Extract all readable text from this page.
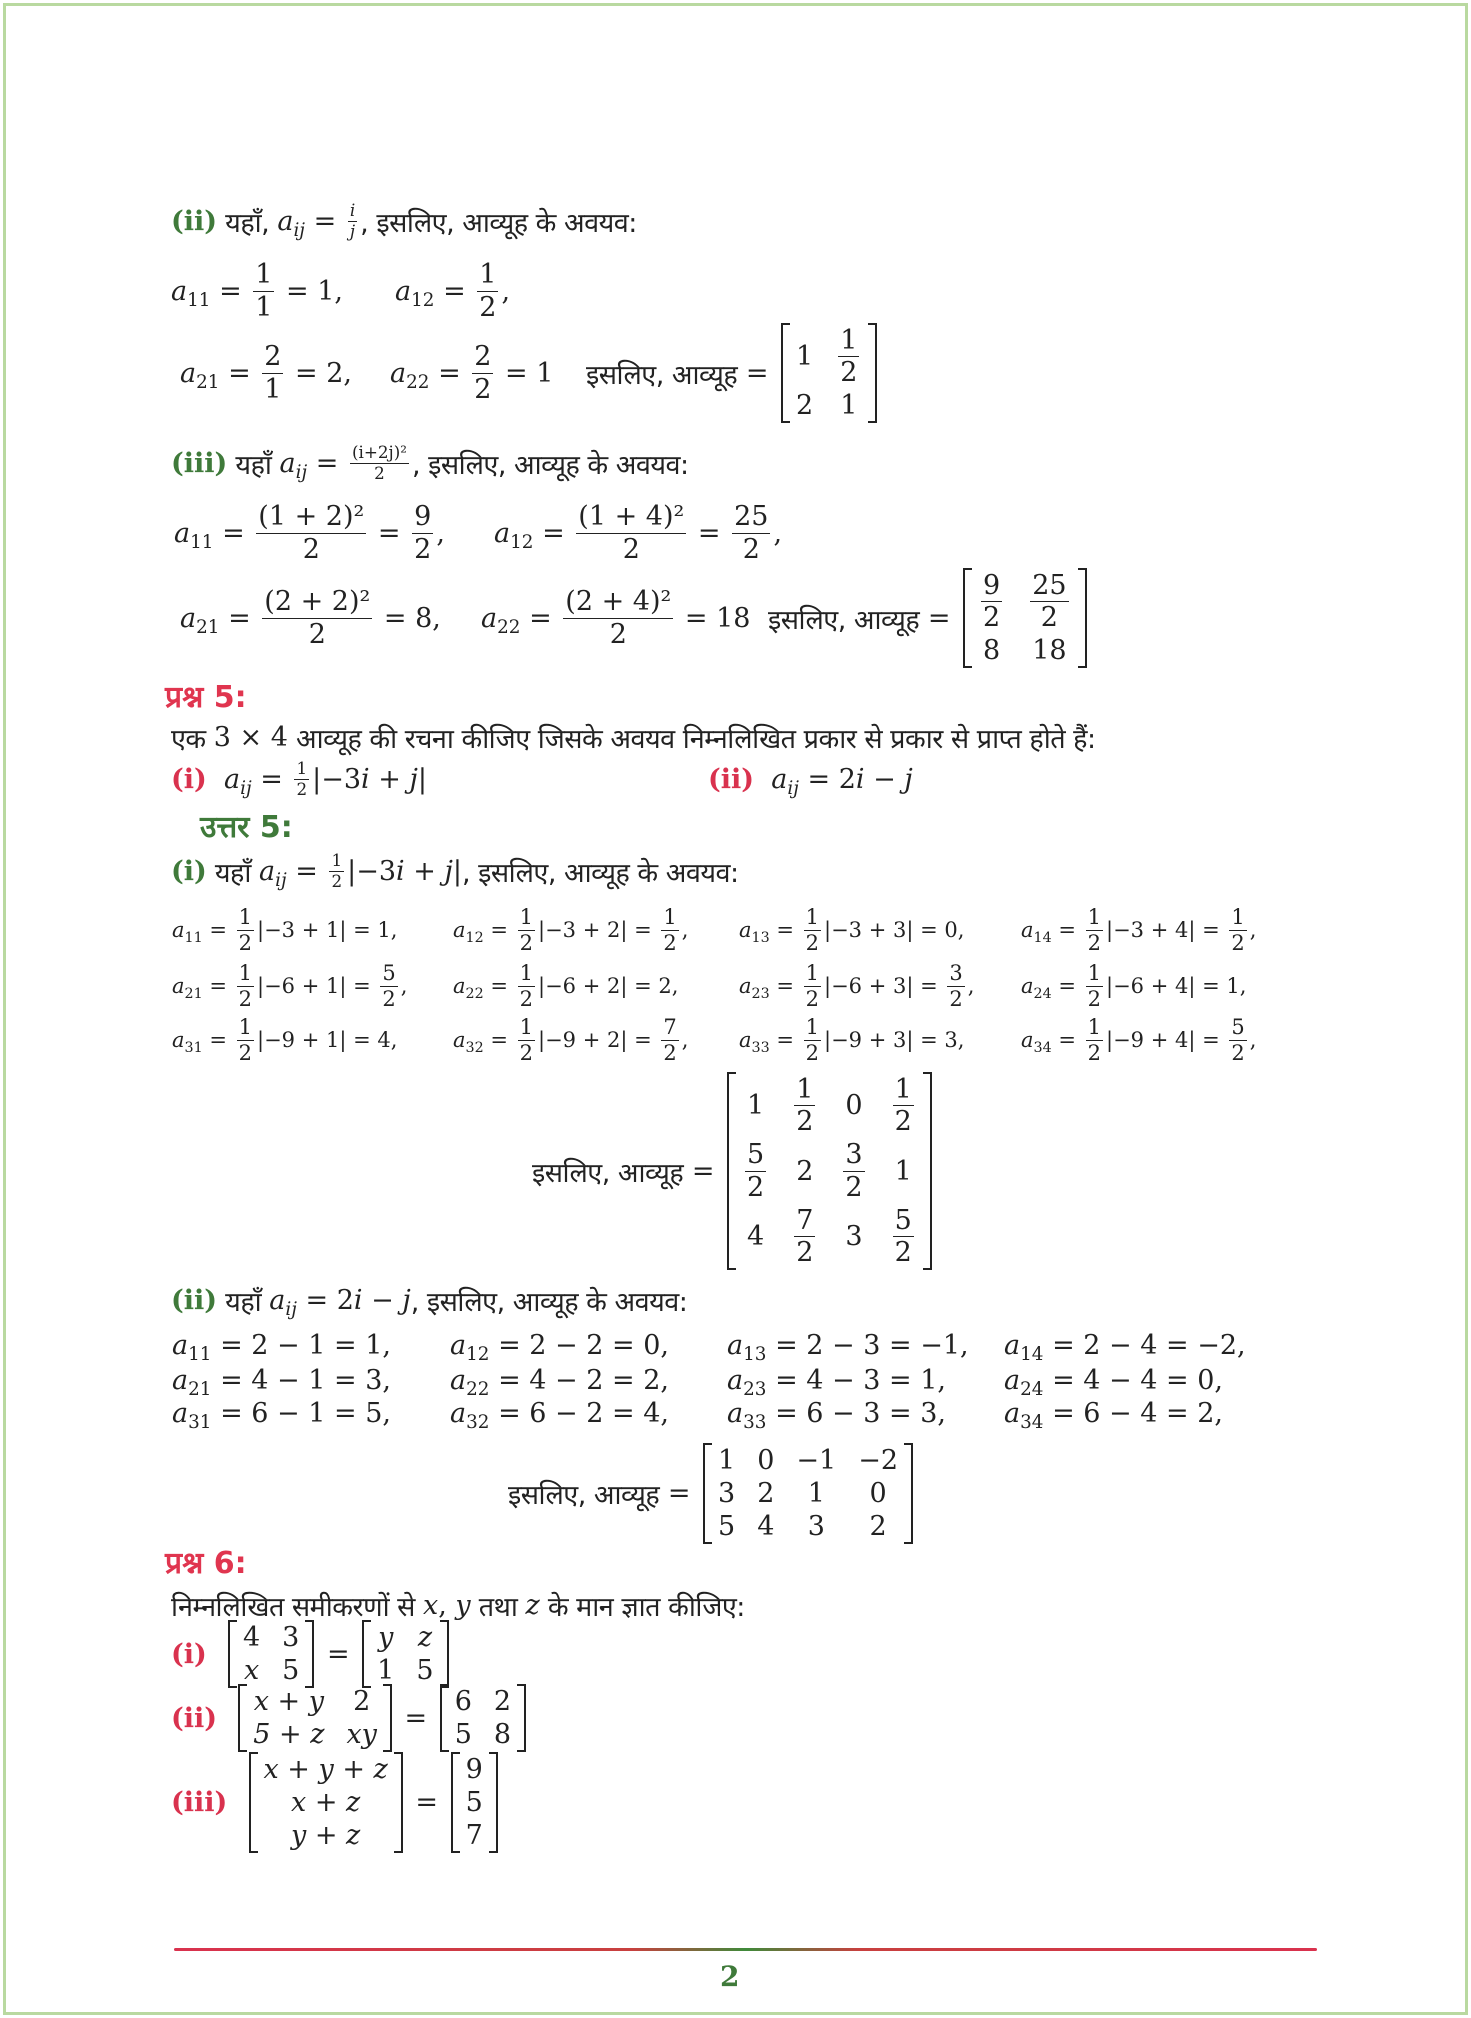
(ii) यहाँ, $a_{ij} = \frac{i}{j}$ , इसलिए, आव्यूह के अवयव:
$a_{11} = \frac{1}{1} = 1$, $a_{12} = \frac{1}{2}$ ,
$a_{21} = \frac{2}{1} = 2$, $a_{22} = \frac{2}{2} = 1$ इसलिए, आव्यूह =
$1 \frac{1}{2}$
2 1
(iii) यहाँ $a_{ij} = \frac{\text{(i+2j)²}}{2}$ , इसलिए, आव्यूह के अवयव:
$a_{11} = \frac{\text{(1 + 2)²}}{2} = \frac{9}{2}$ , $a_{12} = \frac{\text{(1 + 4)²}}{2} = \frac{25}{2}$ ,
$a_{21} = \frac{\text{(2 + 2)²}}{2} = 8$, $a_{22} = \frac{\text{(2 + 4)²}}{2} = 18$ इसलिए, आव्यूह = $\frac{9}{2} \frac{25}{2}$
8 18
प्रश्न 5:
एक 3 × 4 आव्यूह की रचना कीजिए जिसके अवयव निम्नलिखित प्रकार से प्रकार से प्राप्त होते हैं:
(i)
$a_{ij} = \frac{1}{2} |-3$ i + j |	(ii)
$a_{ij} = 2$ i − j
उत्तर 5:
(i) यहाँ $a_{ij} = \frac{1}{2} |-3$ i + j | , इसलिए, आव्यूह के अवयव:
$a_{11} = \frac{1}{2} |-3 + 1| = 1$,	$a_{12} = \frac{1}{2} |-3 + 2| = \frac{1}{2}$ , $a_{13} = \frac{1}{2} |-3 + 3| = 0$,	$a_{14} = \frac{1}{2} |-3 + 4| = \frac{1}{2}$ ,
$a_{21} = \frac{1}{2} |-6 + 1| = \frac{5}{2}$ , $a_{22} = \frac{1}{2} |-6 + 2| = 2$,	$a_{23} = \frac{1}{2} |-6 + 3| = \frac{3}{2}$ , $a_{24} = \frac{1}{2} |-6 + 4| = 1$,
$a_{31} = \frac{1}{2} |-9 + 1| = 4$,	$a_{32} = \frac{1}{2} |-9 + 2| = \frac{7}{2}$ , $a_{33} = \frac{1}{2} |-9 + 3| = 3$,	$a_{34} = \frac{1}{2} |-9 + 4| = \frac{5}{2}$ ,
इसलिए, आव्यूह =
$1 \frac{1}{2} 0 \frac{1}{2}$
$\frac{5}{2} 2 \frac{3}{2} 1$
$4 \frac{7}{2} 3 \frac{5}{2}$
(ii) यहाँ $a_{ij} = 2$ i − j , इसलिए, आव्यूह के अवयव:
$a_{11} = 2 - 1 = 1$, $a_{12} = 2 - 2 = 0$, $a_{13} = 2 - 3 = -1$, $a_{14} = 2 - 4 = -2$,
$a_{21} = 4 - 1 = 3$, $a_{22} = 4 - 2 = 2$, $a_{23} = 4 - 3 = 1$, $a_{24} = 4 - 4 = 0$,
$a_{31} = 6 - 1 = 5$, $a_{32} = 6 - 2 = 4$, $a_{33} = 6 - 3 = 3$, $a_{34} = 6 - 4 = 2$,
इसलिए, आव्यूह =
1 0 −1 −2
3 2 1 0
5 4 3 2
प्रश्न 6:
निम्नलिखित समीकरणों से x , y तथा z के मान ज्ञात कीजिए:
(i)

4 3
x 5
=
y z
1 5
(ii)

x + y 2
5 + z xy
=
6 2
5 8
(iii)

x + y + z
x + z
y + z
=
9
5
7
2
